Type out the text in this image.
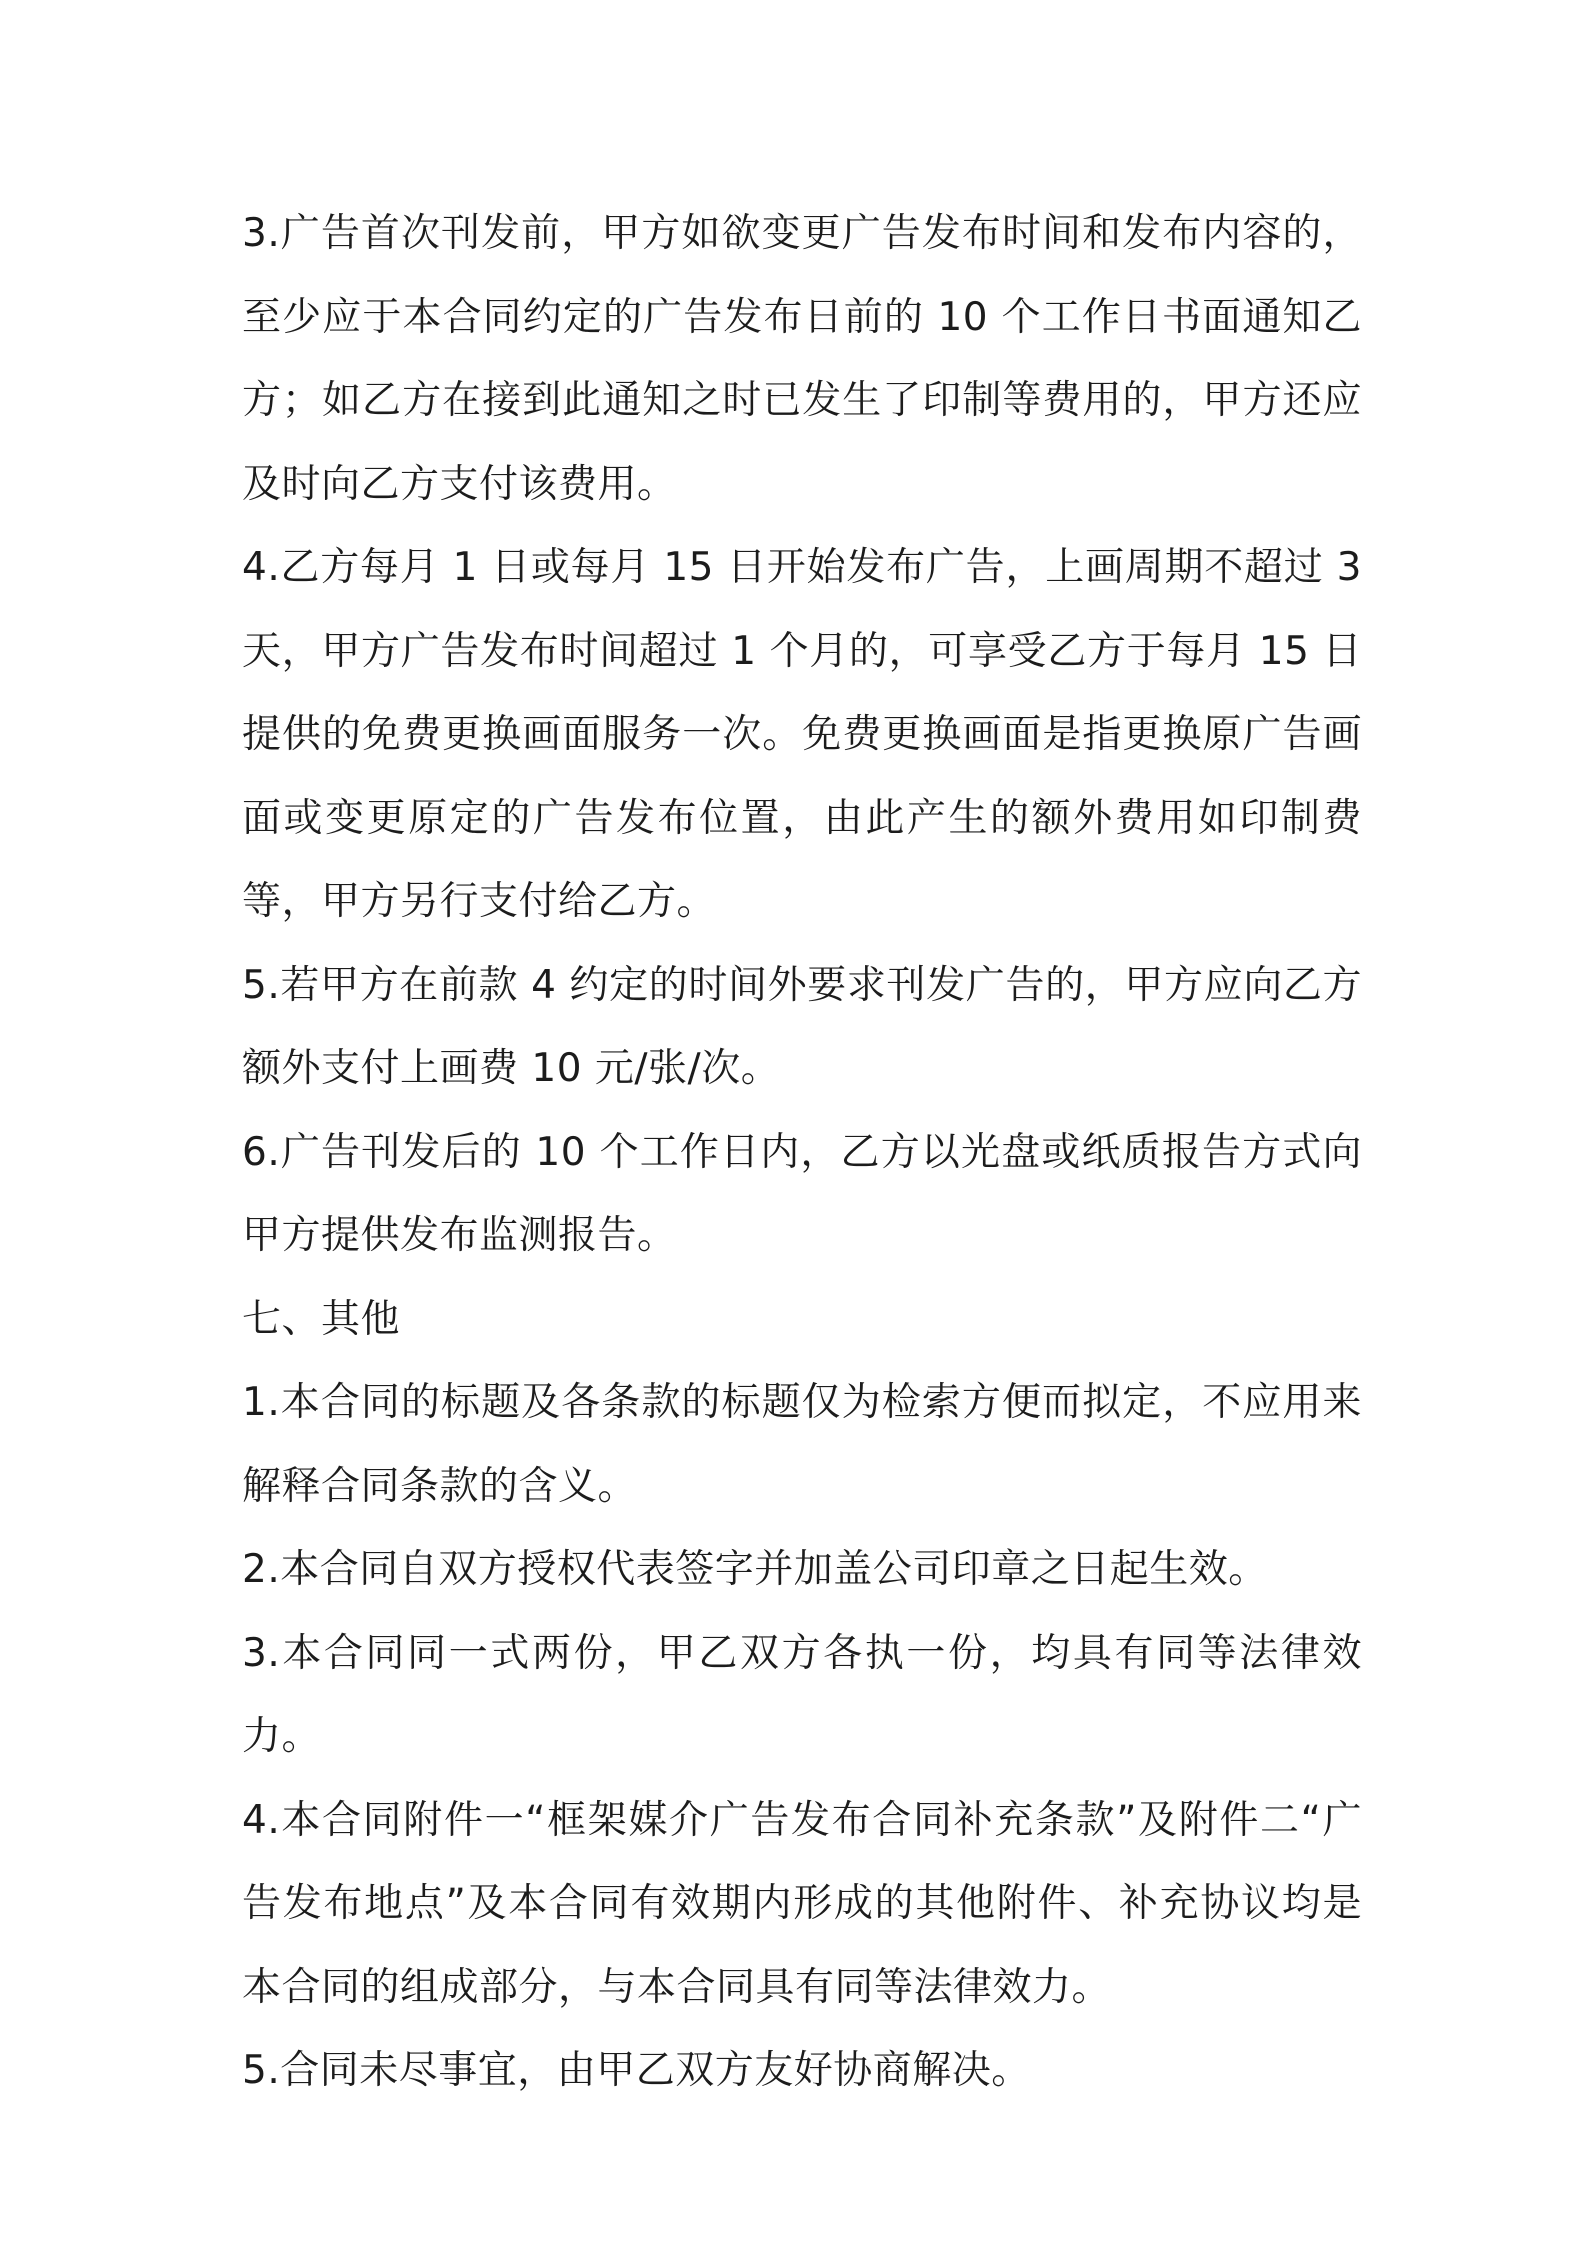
3.广告首次刊发前，甲方如欲变更广告发布时间和发布内容的，至少应于本合同约定的广告发布日前的 10 个工作日书面通知乙方；如乙方在接到此通知之时已发生了印制等费用的，甲方还应及时向乙方支付该费用。

4.乙方每月 1 日或每月 15 日开始发布广告，上画周期不超过 3 天，甲方广告发布时间超过 1 个月的，可享受乙方于每月 15 日提供的免费更换画面服务一次。免费更换画面是指更换原广告画面或变更原定的广告发布位置，由此产生的额外费用如印制费等，甲方另行支付给乙方。

5.若甲方在前款 4 约定的时间外要求刊发广告的，甲方应向乙方额外支付上画费 10 元/张/次。

6.广告刊发后的 10 个工作日内，乙方以光盘或纸质报告方式向甲方提供发布监测报告。

七、其他

1.本合同的标题及各条款的标题仅为检索方便而拟定，不应用来解释合同条款的含义。

2.本合同自双方授权代表签字并加盖公司印章之日起生效。

3.本合同同一式两份，甲乙双方各执一份，均具有同等法律效力。

4.本合同附件一“框架媒介广告发布合同补充条款”及附件二“广告发布地点”及本合同有效期内形成的其他附件、补充协议均是本合同的组成部分，与本合同具有同等法律效力。

5.合同未尽事宜，由甲乙双方友好协商解决。
